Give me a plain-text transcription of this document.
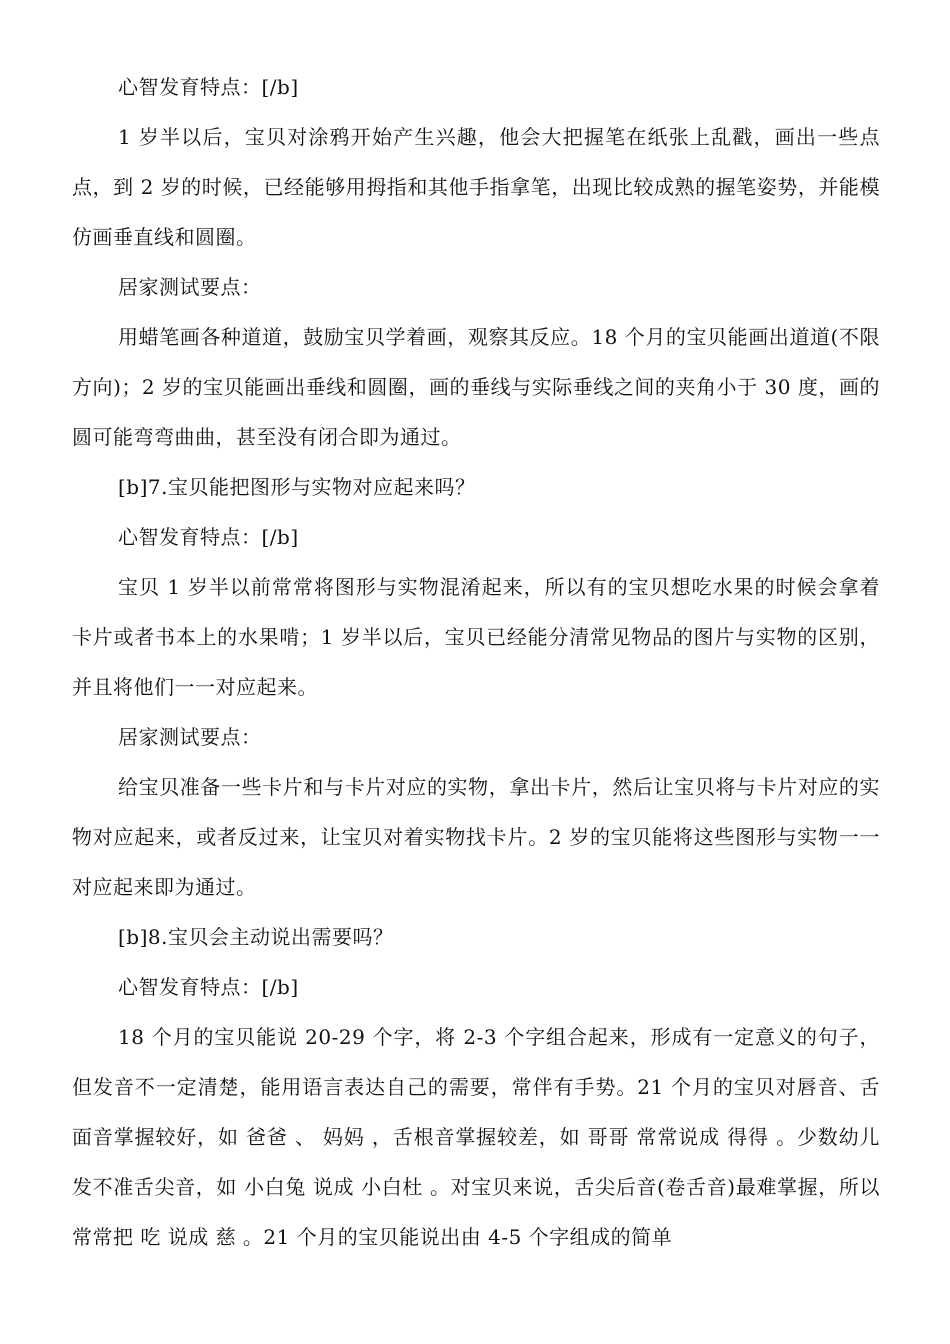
心智发育特点：[/b]

1 岁半以后，宝贝对涂鸦开始产生兴趣，他会大把握笔在纸张上乱戳，画出一些点点，到 2 岁的时候，已经能够用拇指和其他手指拿笔，出现比较成熟的握笔姿势，并能模仿画垂直线和圆圈。

居家测试要点：

用蜡笔画各种道道，鼓励宝贝学着画，观察其反应。18 个月的宝贝能画出道道(不限方向)；2 岁的宝贝能画出垂线和圆圈，画的垂线与实际垂线之间的夹角小于 30 度，画的圆可能弯弯曲曲，甚至没有闭合即为通过。

[b]7.宝贝能把图形与实物对应起来吗？

心智发育特点：[/b]

宝贝 1 岁半以前常常将图形与实物混淆起来，所以有的宝贝想吃水果的时候会拿着卡片或者书本上的水果啃；1 岁半以后，宝贝已经能分清常见物品的图片与实物的区别，并且将他们一一对应起来。

居家测试要点：

给宝贝准备一些卡片和与卡片对应的实物，拿出卡片，然后让宝贝将与卡片对应的实物对应起来，或者反过来，让宝贝对着实物找卡片。2 岁的宝贝能将这些图形与实物一一对应起来即为通过。

[b]8.宝贝会主动说出需要吗？

心智发育特点：[/b]

18 个月的宝贝能说 20-29 个字，将 2-3 个字组合起来，形成有一定意义的句子，但发音不一定清楚，能用语言表达自己的需要，常伴有手势。21 个月的宝贝对唇音、舌面音掌握较好，如 爸爸 、 妈妈 ，舌根音掌握较差，如 哥哥 常常说成 得得 。少数幼儿发不准舌尖音，如 小白兔 说成 小白杜 。对宝贝来说，舌尖后音(卷舌音)最难掌握，所以常常把 吃 说成 慈 。21 个月的宝贝能说出由 4-5 个字组成的简单
